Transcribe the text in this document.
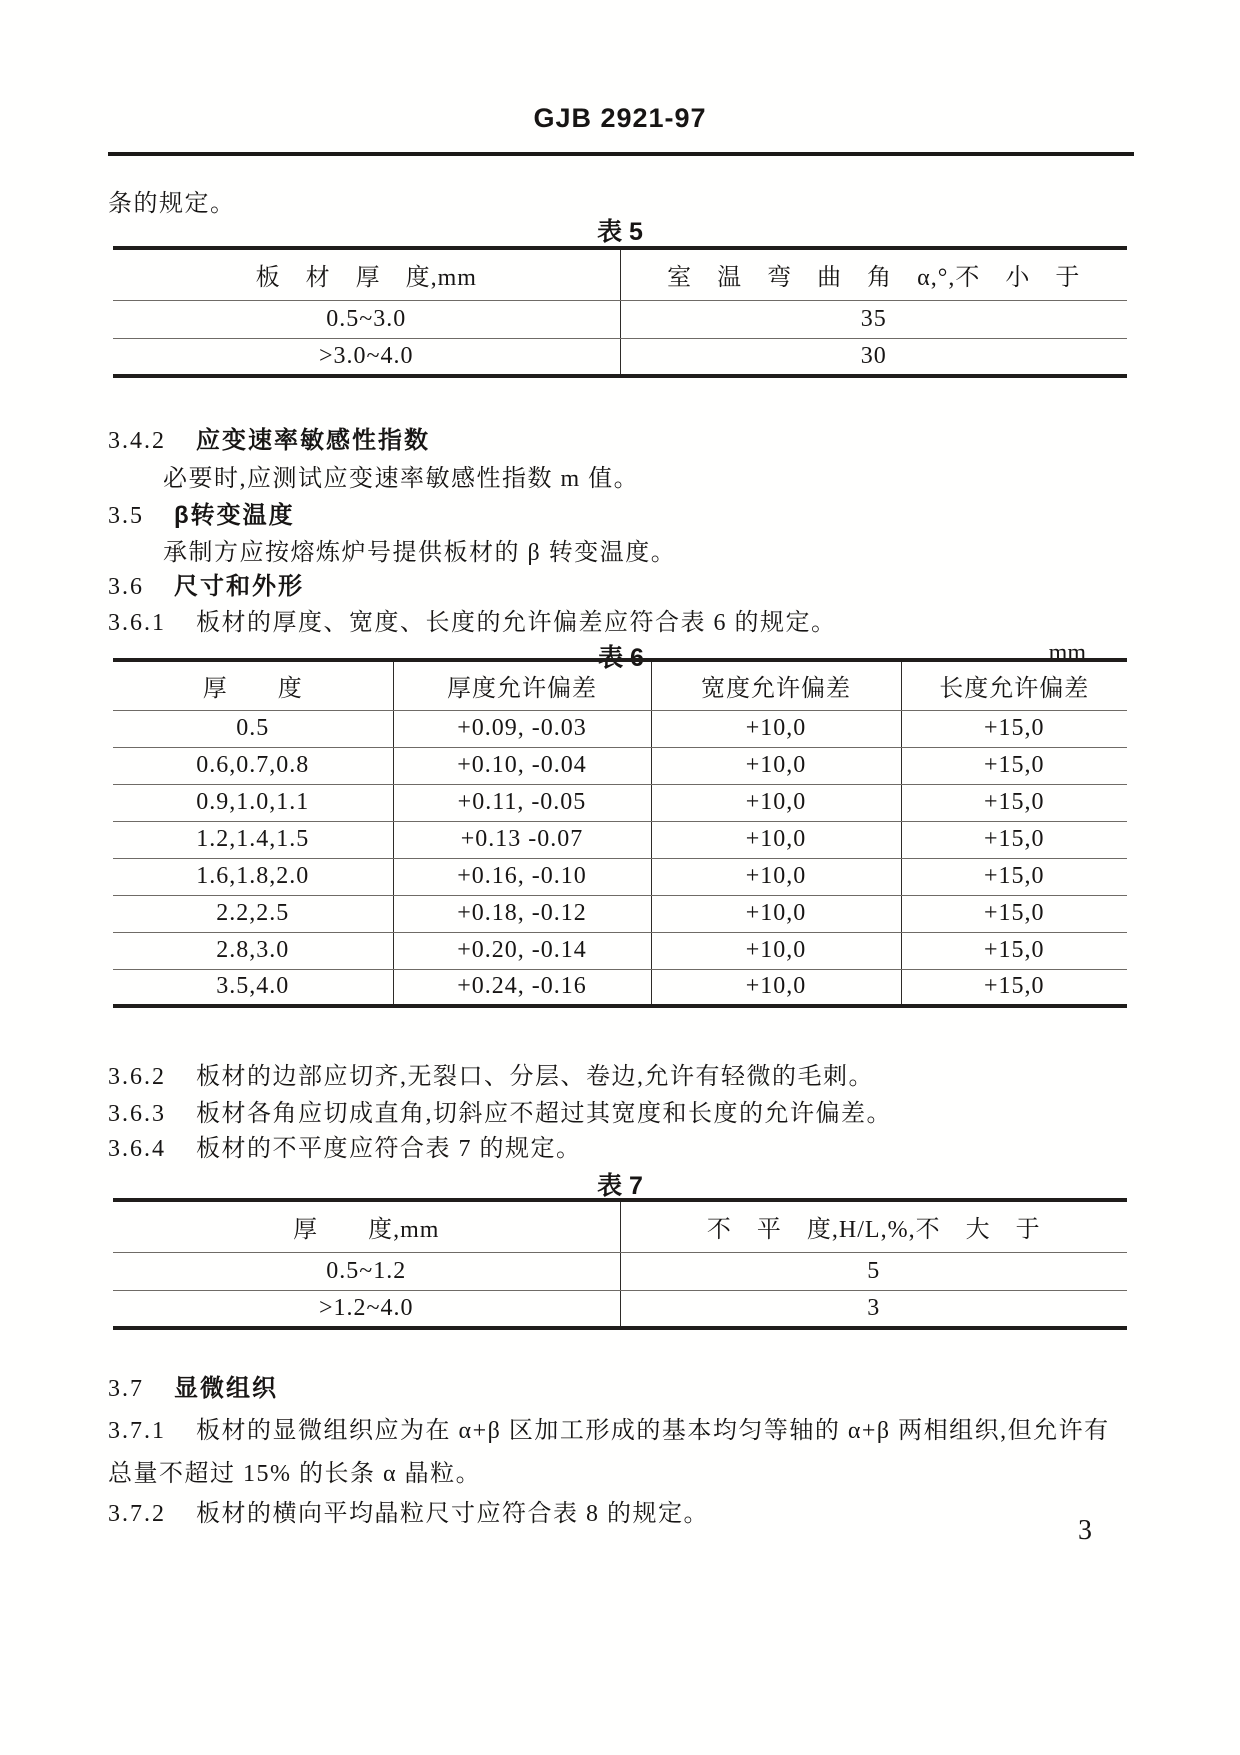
GJB 2921-97
条的规定。
表 5
板　材　厚　度,mm	室　温　弯　曲　角　α,°,不　小　于
0.5~3.0	35
>3.0~4.0	30
3.4.2 应变速率敏感性指数
必要时,应测试应变速率敏感性指数 m 值。
3.5 β转变温度
承制方应按熔炼炉号提供板材的 β 转变温度。
3.6 尺寸和外形
3.6.1 板材的厚度、宽度、长度的允许偏差应符合表 6 的规定。
表 6	mm
厚　　度	厚度允许偏差	宽度允许偏差	长度允许偏差
0.5	+0.09, -0.03	+10,0	+15,0
0.6,0.7,0.8	+0.10, -0.04	+10,0	+15,0
0.9,1.0,1.1	+0.11, -0.05	+10,0	+15,0
1.2,1.4,1.5	+0.13 -0.07	+10,0	+15,0
1.6,1.8,2.0	+0.16, -0.10	+10,0	+15,0
2.2,2.5	+0.18, -0.12	+10,0	+15,0
2.8,3.0	+0.20, -0.14	+10,0	+15,0
3.5,4.0	+0.24, -0.16	+10,0	+15,0
3.6.2 板材的边部应切齐,无裂口、分层、卷边,允许有轻微的毛刺。
3.6.3 板材各角应切成直角,切斜应不超过其宽度和长度的允许偏差。
3.6.4 板材的不平度应符合表 7 的规定。
表 7
厚　　度,mm	不　平　度,H/L,%,不　大　于
0.5~1.2	5
>1.2~4.0	3
3.7 显微组织
3.7.1 板材的显微组织应为在 α+β 区加工形成的基本均匀等轴的 α+β 两相组织,但允许有
总量不超过 15% 的长条 α 晶粒。
3.7.2 板材的横向平均晶粒尺寸应符合表 8 的规定。
3
